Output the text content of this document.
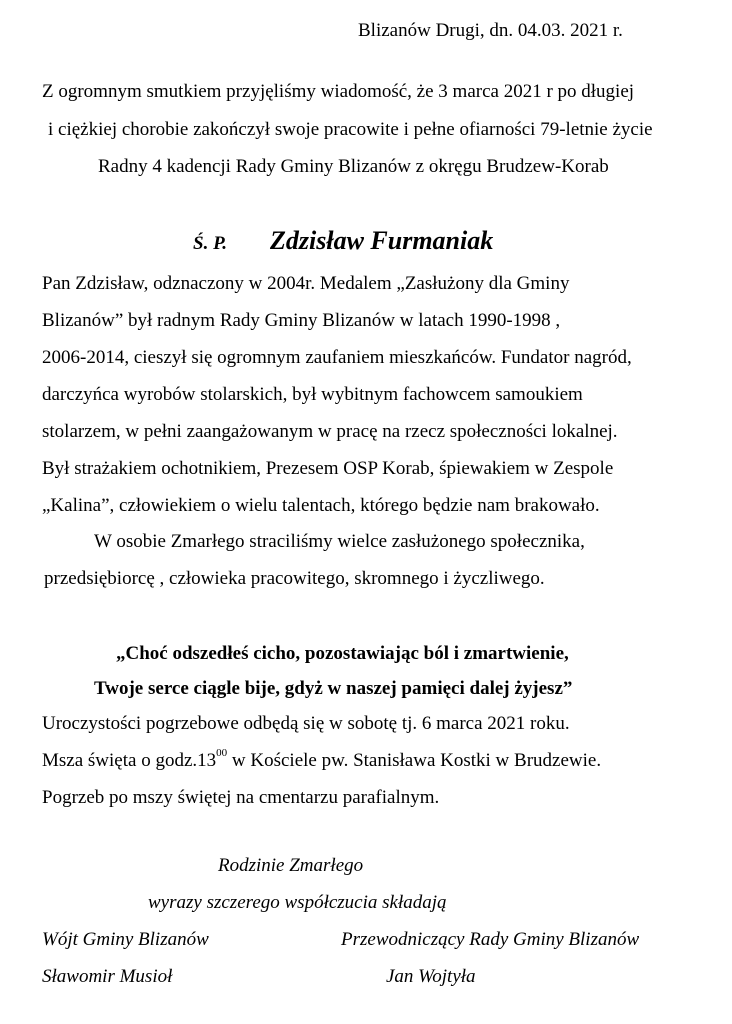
Blizanów Drugi, dn. 04.03. 2021 r.

Z ogromnym smutkiem przyjęliśmy wiadomość, że 3 marca 2021 r po długiej

i ciężkiej chorobie zakończył swoje pracowite i pełne ofiarności 79-letnie życie

Radny 4 kadencji Rady Gminy Blizanów z okręgu Brudzew-Korab

Ś. P. Zdzisław Furmaniak

Pan Zdzisław, odznaczony w 2004r. Medalem „Zasłużony dla Gminy

Blizanów” był radnym Rady Gminy Blizanów w latach 1990-1998 ,

2006-2014, cieszył się ogromnym zaufaniem mieszkańców. Fundator nagród,

darczyńca wyrobów stolarskich, był wybitnym fachowcem samoukiem

stolarzem, w pełni zaangażowanym w pracę na rzecz społeczności lokalnej.

Był strażakiem ochotnikiem, Prezesem OSP Korab, śpiewakiem w Zespole

„Kalina”, człowiekiem o wielu talentach, którego będzie nam brakowało.

W osobie Zmarłego straciliśmy wielce zasłużonego społecznika,

przedsiębiorcę , człowieka pracowitego, skromnego i życzliwego.

„Choć odszedłeś cicho, pozostawiając ból i zmartwienie,

Twoje serce ciągle bije, gdyż w naszej pamięci dalej żyjesz”

Uroczystości pogrzebowe odbędą się w sobotę tj. 6 marca 2021 roku.

Msza święta o $godz.13^{00}$ w Kościele pw. Stanisława Kostki w Brudzewie.

Pogrzeb po mszy świętej na cmentarzu parafialnym.

Rodzinie Zmarłego

wyrazy szczerego współczucia składają

Wójt Gminy Blizanów	Przewodniczący Rady Gminy Blizanów

Sławomir Musioł	Jan Wojtyła
